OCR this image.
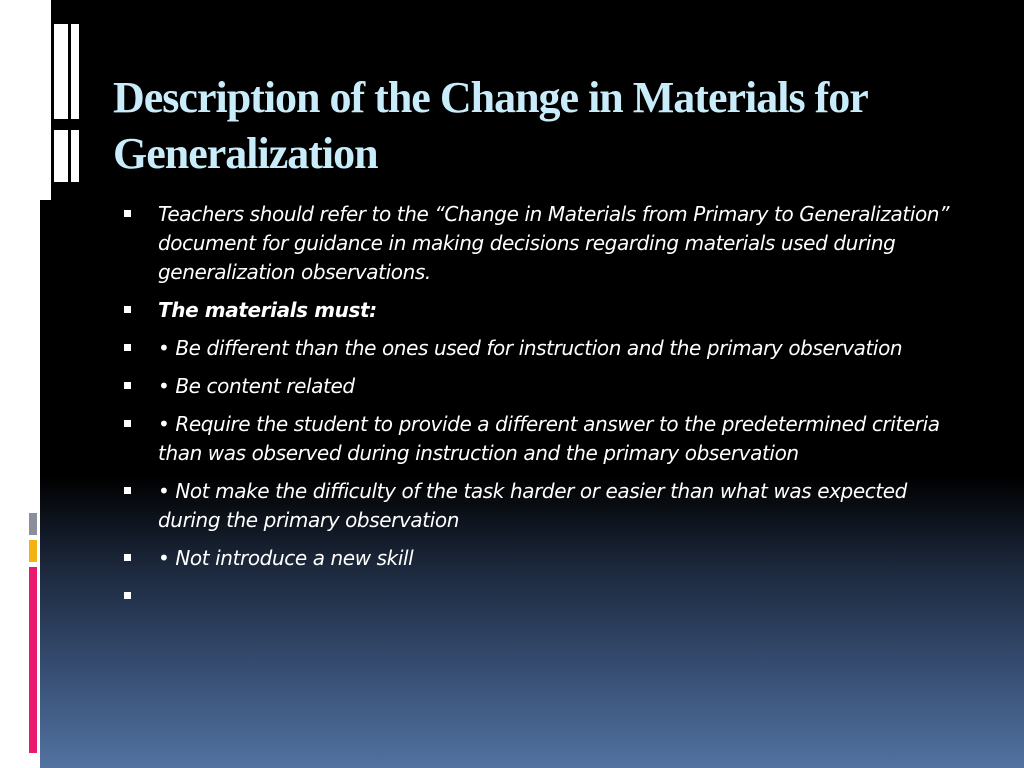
Description of the Change in Materials for Generalization
Teachers should refer to the “Change in Materials from Primary to Generalization” document for guidance in making decisions regarding materials used during generalization observations.
The materials must:
• Be different than the ones used for instruction and the primary observation
• Be content related
• Require the student to provide a different answer to the predetermined criteria than was observed during instruction and the primary observation
• Not make the difficulty of the task harder or easier than what was expected during the primary observation
• Not introduce a new skill
